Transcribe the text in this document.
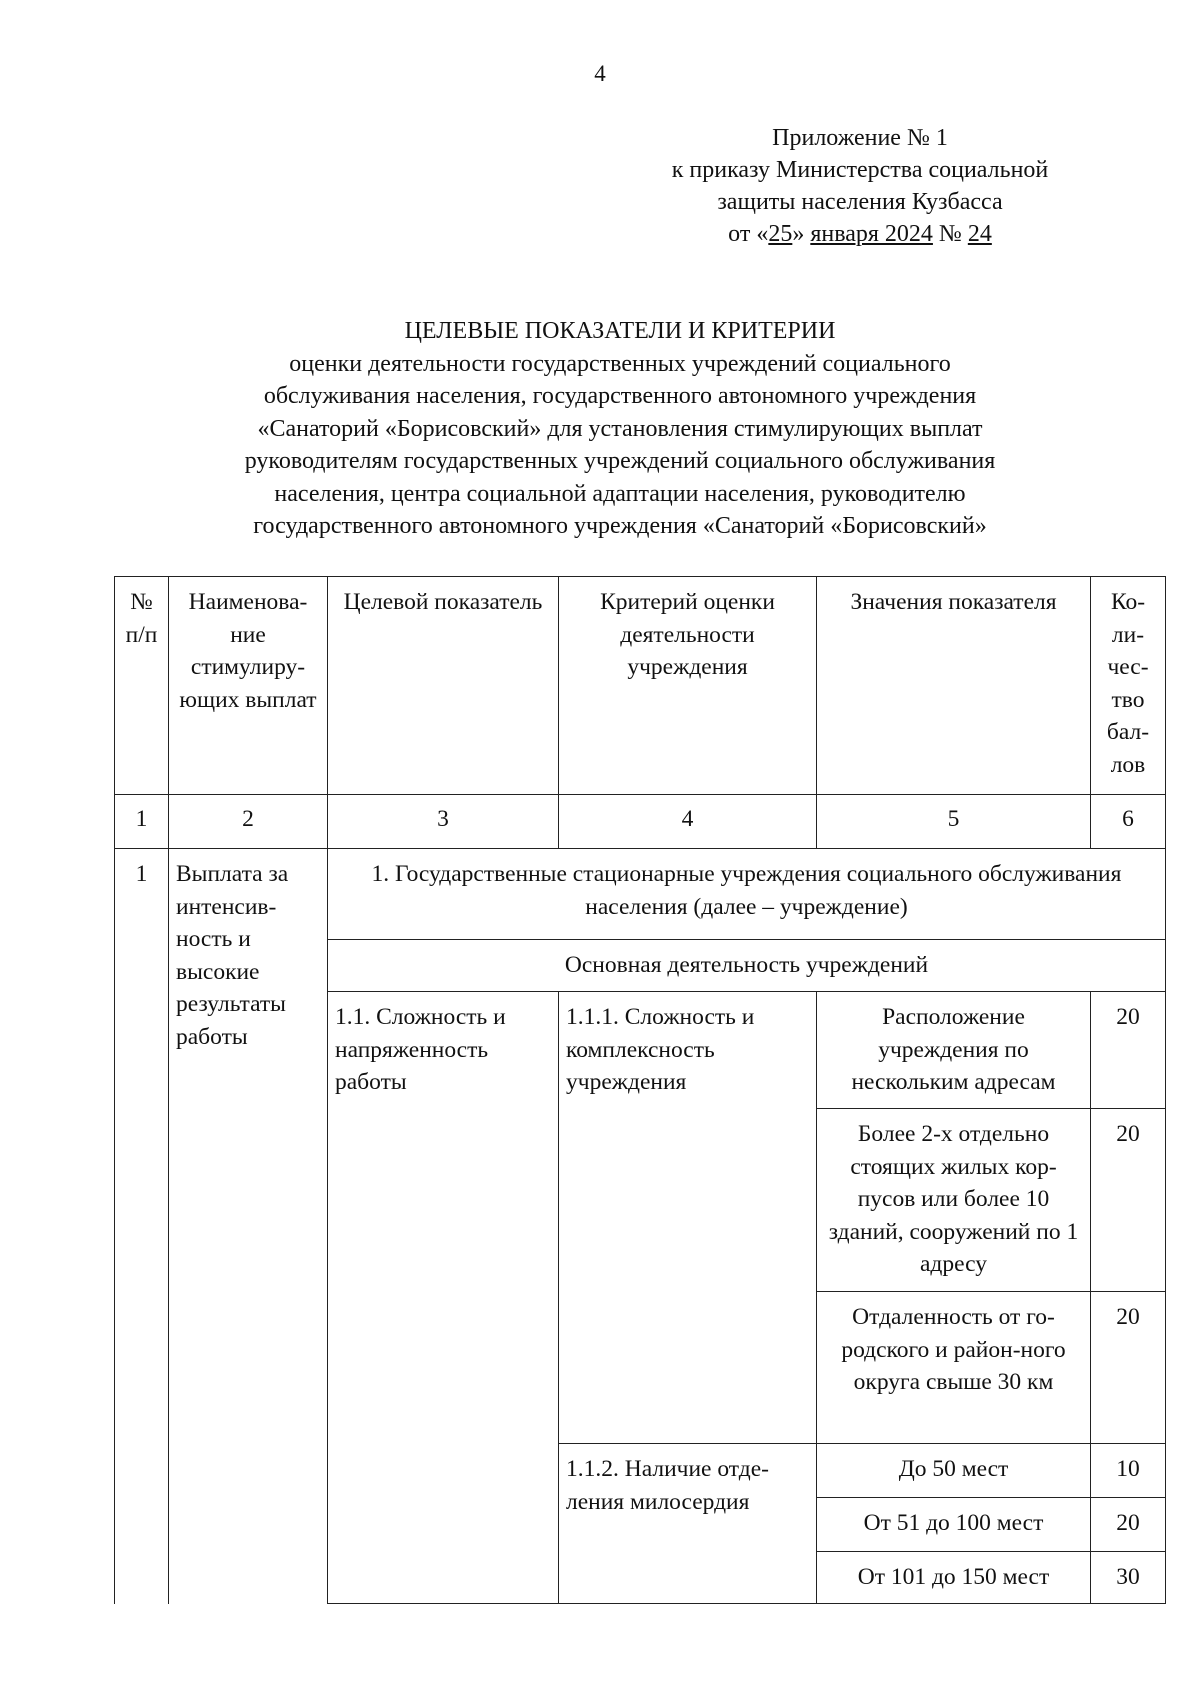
4
Приложение № 1
к приказу Министерства социальной
защиты населения Кузбасса
от «25» января 2024 № 24
ЦЕЛЕВЫЕ ПОКАЗАТЕЛИ И КРИТЕРИИ
оценки деятельности государственных учреждений социального
обслуживания населения, государственного автономного учреждения
«Санаторий «Борисовский» для установления стимулирующих выплат
руководителям государственных учреждений социального обслуживания
населения, центра социальной адаптации населения, руководителю
государственного автономного учреждения «Санаторий «Борисовский»
№ п/п	Наименова-ние стимулиру-ющих выплат	Целевой показатель	Критерий оценки деятельности учреждения	Значения показателя	Ко-ли-чес-тво бал-лов
1	2	3	4	5	6
1	Выплата за интенсив-ность и высокие результаты работы	1. Государственные стационарные учреждения социального обслуживания населения (далее – учреждение)			
		Основная деятельность учреждений			
		1.1. Сложность и напряженность работы	1.1.1. Сложность и комплексность учреждения	Расположение учреждения по нескольким адресам	20
				Более 2-х отдельно стоящих жилых кор-пусов или более 10 зданий, сооружений по 1 адресу	20
				Отдаленность от го-родского и район-ного округа свыше 30 км	20
			1.1.2. Наличие отде-ления милосердия	До 50 мест	10
				От 51 до 100 мест	20
				От 101 до 150 мест	30
